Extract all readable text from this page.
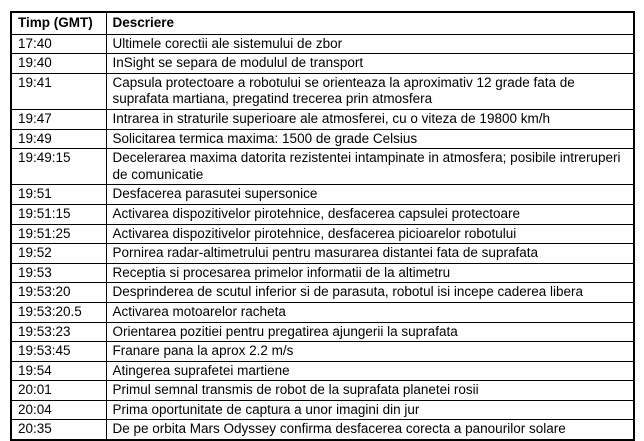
Timp (GMT)	Descriere
17:40	Ultimele corectii ale sistemului de zbor
19:40	InSight se separa de modulul de transport
19:41	Capsula protectoare a robotului se orienteaza la aproximativ 12 grade fata de suprafata martiana, pregatind trecerea prin atmosfera
19:47	Intrarea in straturile superioare ale atmosferei, cu o viteza de 19800 km/h
19:49	Solicitarea termica maxima: 1500 de grade Celsius
19:49:15	Decelerarea maxima datorita rezistentei intampinate in atmosfera; posibile intreruperi de comunicatie
19:51	Desfacerea parasutei supersonice
19:51:15	Activarea dispozitivelor pirotehnice, desfacerea capsulei protectoare
19:51:25	Activarea dispozitivelor pirotehnice, desfacerea picioarelor robotului
19:52	Pornirea radar-altimetrului pentru masurarea distantei fata de suprafata
19:53	Receptia si procesarea primelor informatii de la altimetru
19:53:20	Desprinderea de scutul inferior si de parasuta, robotul isi incepe caderea libera
19:53:20.5	Activarea motoarelor racheta
19:53:23	Orientarea pozitiei pentru pregatirea ajungerii la suprafata
19:53:45	Franare pana la aprox 2.2 m/s
19:54	Atingerea suprafetei martiene
20:01	Primul semnal transmis de robot de la suprafata planetei rosii
20:04	Prima oportunitate de captura a unor imagini din jur
20:35	De pe orbita Mars Odyssey confirma desfacerea corecta a panourilor solare
